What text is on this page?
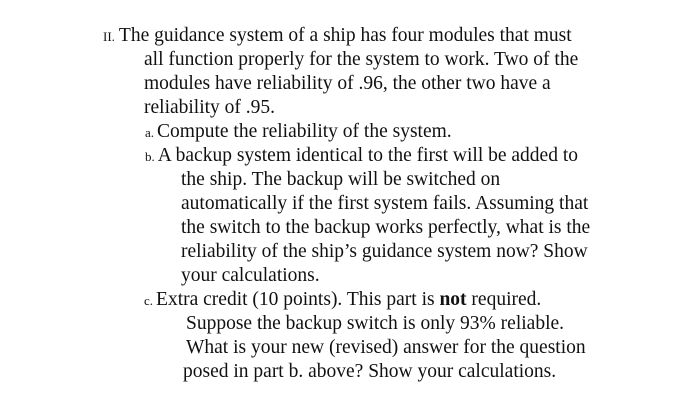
II. The guidance system of a ship has four modules that must
all function properly for the system to work. Two of the
modules have reliability of .96, the other two have a
reliability of .95.
a. Compute the reliability of the system.
b. A backup system identical to the first will be added to
the ship. The backup will be switched on
automatically if the first system fails. Assuming that
the switch to the backup works perfectly, what is the
reliability of the ship’s guidance system now? Show
your calculations.
c. Extra credit (10 points). This part is not required.
Suppose the backup switch is only 93% reliable.
What is your new (revised) answer for the question
posed in part b. above? Show your calculations.
